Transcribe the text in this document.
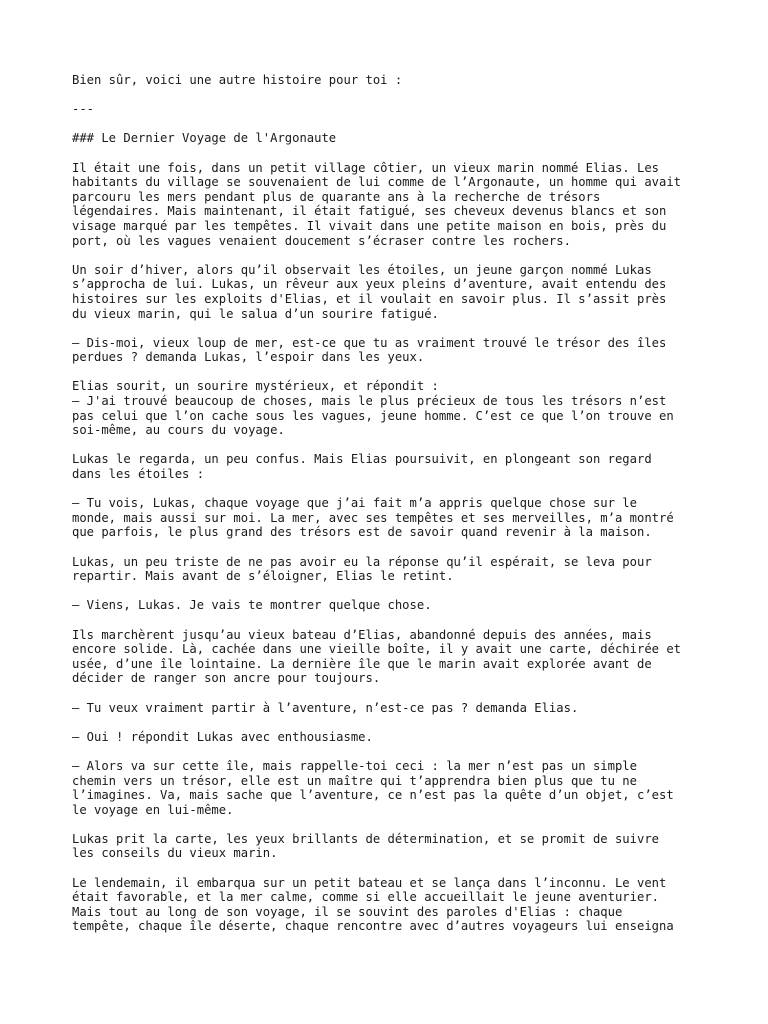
Bien sûr, voici une autre histoire pour toi :
---
### Le Dernier Voyage de l'Argonaute
Il était une fois, dans un petit village côtier, un vieux marin nommé Elias. Les
habitants du village se souvenaient de lui comme de l’Argonaute, un homme qui avait
parcouru les mers pendant plus de quarante ans à la recherche de trésors
légendaires. Mais maintenant, il était fatigué, ses cheveux devenus blancs et son
visage marqué par les tempêtes. Il vivait dans une petite maison en bois, près du
port, où les vagues venaient doucement s’écraser contre les rochers.
Un soir d’hiver, alors qu’il observait les étoiles, un jeune garçon nommé Lukas
s’approcha de lui. Lukas, un rêveur aux yeux pleins d’aventure, avait entendu des
histoires sur les exploits d'Elias, et il voulait en savoir plus. Il s’assit près
du vieux marin, qui le salua d’un sourire fatigué.
– Dis-moi, vieux loup de mer, est-ce que tu as vraiment trouvé le trésor des îles
perdues ? demanda Lukas, l’espoir dans les yeux.
Elias sourit, un sourire mystérieux, et répondit :
– J'ai trouvé beaucoup de choses, mais le plus précieux de tous les trésors n’est
pas celui que l’on cache sous les vagues, jeune homme. C’est ce que l’on trouve en
soi-même, au cours du voyage.
Lukas le regarda, un peu confus. Mais Elias poursuivit, en plongeant son regard
dans les étoiles :
– Tu vois, Lukas, chaque voyage que j’ai fait m’a appris quelque chose sur le
monde, mais aussi sur moi. La mer, avec ses tempêtes et ses merveilles, m’a montré
que parfois, le plus grand des trésors est de savoir quand revenir à la maison.
Lukas, un peu triste de ne pas avoir eu la réponse qu’il espérait, se leva pour
repartir. Mais avant de s’éloigner, Elias le retint.
– Viens, Lukas. Je vais te montrer quelque chose.
Ils marchèrent jusqu’au vieux bateau d’Elias, abandonné depuis des années, mais
encore solide. Là, cachée dans une vieille boîte, il y avait une carte, déchirée et
usée, d’une île lointaine. La dernière île que le marin avait explorée avant de
décider de ranger son ancre pour toujours.
– Tu veux vraiment partir à l’aventure, n’est-ce pas ? demanda Elias.
– Oui ! répondit Lukas avec enthousiasme.
– Alors va sur cette île, mais rappelle-toi ceci : la mer n’est pas un simple
chemin vers un trésor, elle est un maître qui t’apprendra bien plus que tu ne
l’imagines. Va, mais sache que l’aventure, ce n’est pas la quête d’un objet, c’est
le voyage en lui-même.
Lukas prit la carte, les yeux brillants de détermination, et se promit de suivre
les conseils du vieux marin.
Le lendemain, il embarqua sur un petit bateau et se lança dans l’inconnu. Le vent
était favorable, et la mer calme, comme si elle accueillait le jeune aventurier.
Mais tout au long de son voyage, il se souvint des paroles d'Elias : chaque
tempête, chaque île déserte, chaque rencontre avec d’autres voyageurs lui enseigna
